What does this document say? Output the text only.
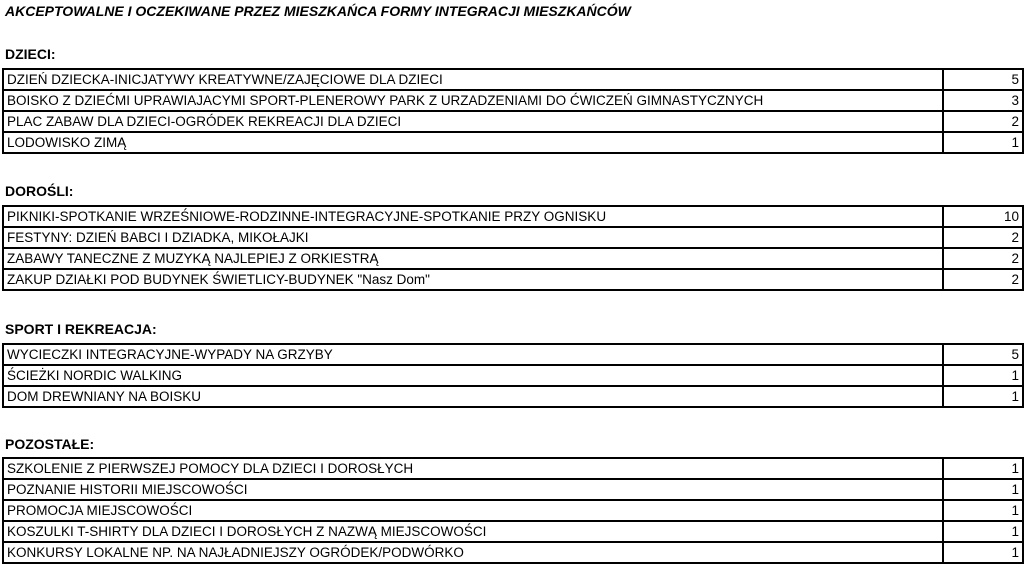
AKCEPTOWALNE I OCZEKIWANE PRZEZ MIESZKAŃCA FORMY INTEGRACJI MIESZKAŃCÓW
DZIECI:
DZIEŃ DZIECKA-INICJATYWY KREATYWNE/ZAJĘCIOWE DLA DZIECI	5
BOISKO Z DZIEĆMI UPRAWIAJACYMI SPORT-PLENEROWY PARK Z URZADZENIAMI DO ĆWICZEŃ GIMNASTYCZNYCH	3
PLAC ZABAW DLA DZIECI-OGRÓDEK REKREACJI DLA DZIECI	2
LODOWISKO ZIMĄ	1
DOROŚLI:
PIKNIKI-SPOTKANIE WRZEŚNIOWE-RODZINNE-INTEGRACYJNE-SPOTKANIE PRZY OGNISKU	10
FESTYNY: DZIEŃ BABCI I DZIADKA, MIKOŁAJKI	2
ZABAWY TANECZNE Z MUZYKĄ NAJLEPIEJ Z ORKIESTRĄ	2
ZAKUP DZIAŁKI POD BUDYNEK ŚWIETLICY-BUDYNEK "Nasz Dom"	2
SPORT I REKREACJA:
WYCIECZKI INTEGRACYJNE-WYPADY NA GRZYBY	5
ŚCIEŻKI NORDIC WALKING	1
DOM DREWNIANY NA BOISKU	1
POZOSTAŁE:
SZKOLENIE Z PIERWSZEJ POMOCY DLA DZIECI I DOROSŁYCH	1
POZNANIE HISTORII MIEJSCOWOŚCI	1
PROMOCJA MIEJSCOWOŚCI	1
KOSZULKI T-SHIRTY DLA DZIECI I DOROSŁYCH Z NAZWĄ MIEJSCOWOŚCI	1
KONKURSY LOKALNE NP. NA NAJŁADNIEJSZY OGRÓDEK/PODWÓRKO	1
